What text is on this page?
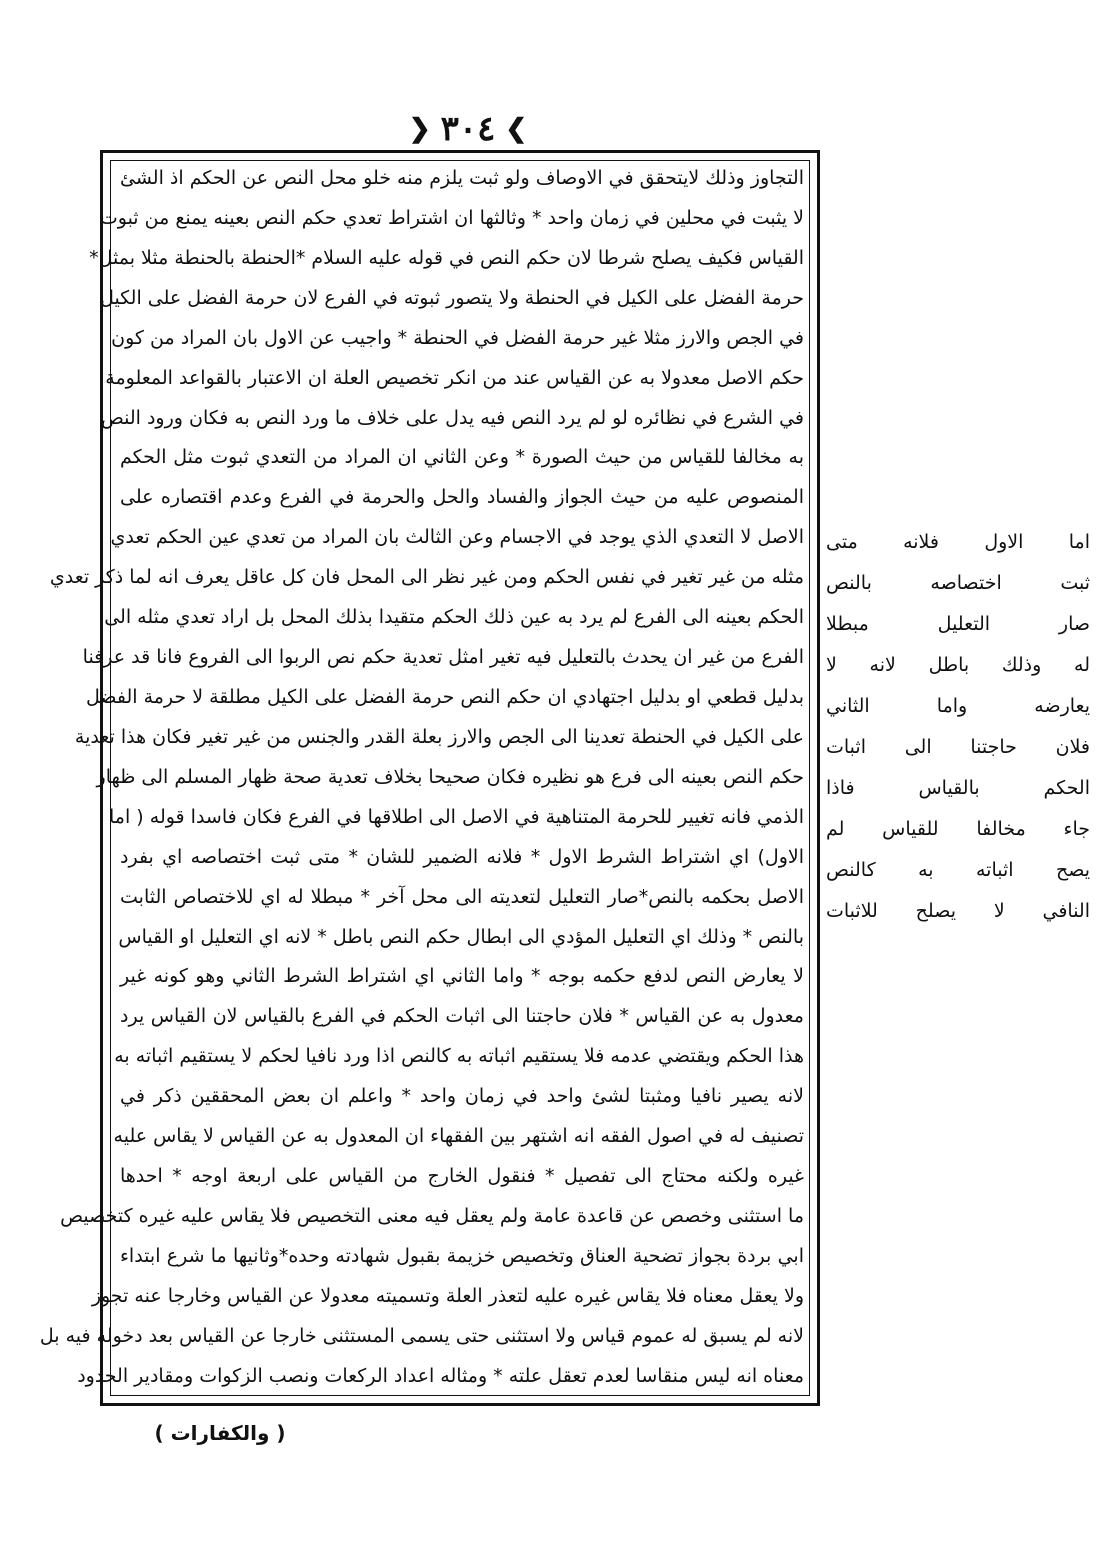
❯
٣٠٤
❮
التجاوز وذلك لايتحقق في الاوصاف ولو ثبت يلزم منه خلو محل النص عن الحكم اذ الشئ
لا يثبت في محلين في زمان واحد * وثالثها ان اشتراط تعدي حكم النص بعينه يمنع من ثبوت
القياس فكيف يصلح شرطا لان حكم النص في قوله عليه السلام *الحنطة بالحنطة مثلا بمثل*
حرمة الفضل على الكيل في الحنطة ولا يتصور ثبوته في الفرع لان حرمة الفضل على الكيل
في الجص والارز مثلا غير حرمة الفضل في الحنطة * واجيب عن الاول بان المراد من كون
حكم الاصل معدولا به عن القياس عند من انكر تخصيص العلة ان الاعتبار بالقواعد المعلومة
في الشرع في نظائره لو لم يرد النص فيه يدل على خلاف ما ورد النص به فكان ورود النص
به مخالفا للقياس من حيث الصورة * وعن الثاني ان المراد من التعدي ثبوت مثل الحكم
المنصوص عليه من حيث الجواز والفساد والحل والحرمة في الفرع وعدم اقتصاره على
الاصل لا التعدي الذي يوجد في الاجسام وعن الثالث بان المراد من تعدي عين الحكم تعدي
مثله من غير تغير في نفس الحكم ومن غير نظر الى المحل فان كل عاقل يعرف انه لما ذكر تعدي
الحكم بعينه الى الفرع لم يرد به عين ذلك الحكم متقيدا بذلك المحل بل اراد تعدي مثله الى
الفرع من غير ان يحدث بالتعليل فيه تغير امثل تعدية حكم نص الربوا الى الفروع فانا قد عرفنا
بدليل قطعي او بدليل اجتهادي ان حكم النص حرمة الفضل على الكيل مطلقة لا حرمة الفضل
على الكيل في الحنطة تعدينا الى الجص والارز بعلة القدر والجنس من غير تغير فكان هذا تعدية
حكم النص بعينه الى فرع هو نظيره فكان صحيحا بخلاف تعدية صحة ظهار المسلم الى ظهار
الذمي فانه تغيير للحرمة المتناهية في الاصل الى اطلاقها في الفرع فكان فاسدا قوله ( اما
الاول) اي اشتراط الشرط الاول * فلانه الضمير للشان * متى ثبت اختصاصه اي بفرد
الاصل بحكمه بالنص*صار التعليل لتعديته الى محل آخر * مبطلا له اي للاختصاص الثابت
بالنص * وذلك اي التعليل المؤدي الى ابطال حكم النص باطل * لانه اي التعليل او القياس
لا يعارض النص لدفع حكمه بوجه * واما الثاني اي اشتراط الشرط الثاني وهو كونه غير
معدول به عن القياس * فلان حاجتنا الى اثبات الحكم في الفرع بالقياس لان القياس يرد
هذا الحكم ويقتضي عدمه فلا يستقيم اثباته به كالنص اذا ورد نافيا لحكم لا يستقيم اثباته به
لانه يصير نافيا ومثبتا لشئ واحد في زمان واحد * واعلم ان بعض المحققين ذكر في
تصنيف له في اصول الفقه انه اشتهر بين الفقهاء ان المعدول به عن القياس لا يقاس عليه
غيره ولكنه محتاج الى تفصيل * فنقول الخارج من القياس على اربعة اوجه * احدها
ما استثنى وخصص عن قاعدة عامة ولم يعقل فيه معنى التخصيص فلا يقاس عليه غيره كتخصيص
ابي بردة بجواز تضحية العناق وتخصيص خزيمة بقبول شهادته وحده*وثانيها ما شرع ابتداء
ولا يعقل معناه فلا يقاس غيره عليه لتعذر العلة وتسميته معدولا عن القياس وخارجا عنه تجوز
لانه لم يسبق له عموم قياس ولا استثنى حتى يسمى المستثنى خارجا عن القياس بعد دخوله فيه بل
معناه انه ليس منقاسا لعدم تعقل علته * ومثاله اعداد الركعات ونصب الزكوات ومقادير الحدود
اما الاول فلانه متى
ثبت اختصاصه بالنص
صار التعليل مبطلا
له وذلك باطل لانه لا
يعارضه واما الثاني
فلان حاجتنا الى اثبات
الحكم بالقياس فاذا
جاء مخالفا للقياس لم
يصح اثباته به كالنص
النافي لا يصلح للاثبات
( والكفارات )
